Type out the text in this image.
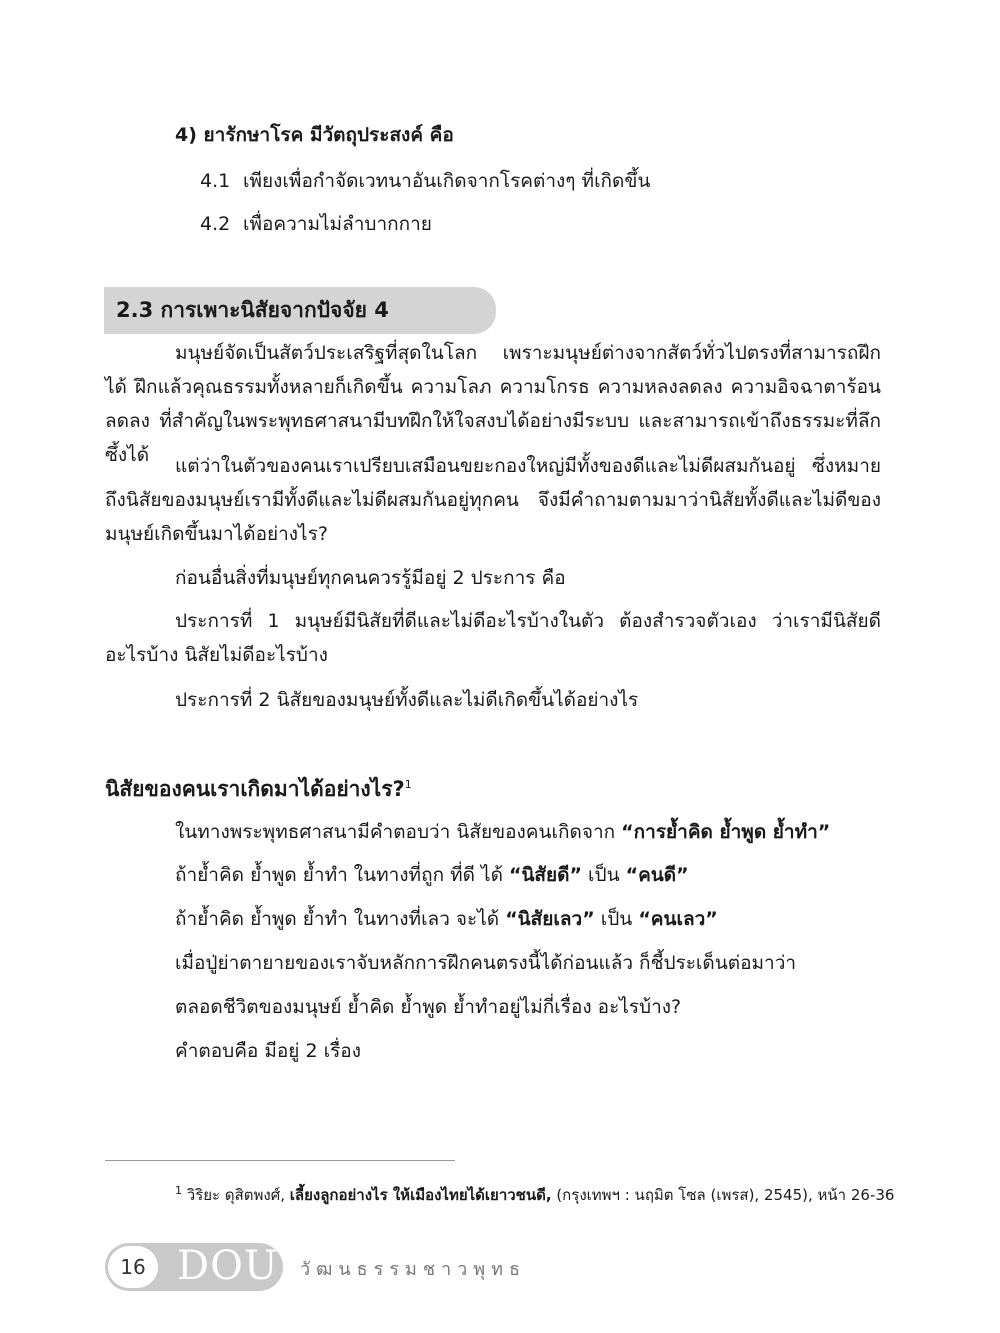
4) ยารักษาโรค มีวัตถุประสงค์ คือ
4.1 เพียงเพื่อกำจัดเวทนาอันเกิดจากโรคต่างๆ ที่เกิดขึ้น
4.2 เพื่อความไม่ลำบากกาย
2.3 การเพาะนิสัยจากปัจจัย 4
มนุษย์จัดเป็นสัตว์ประเสริฐที่สุดในโลก เพราะมนุษย์ต่างจากสัตว์ทั่วไปตรงที่สามารถฝึกได้ ฝึกแล้วคุณธรรมทั้งหลายก็เกิดขึ้น ความโลภ ความโกรธ ความหลงลดลง ความอิจฉาตาร้อนลดลง ที่สำคัญในพระพุทธศาสนามีบทฝึกให้ใจสงบได้อย่างมีระบบ และสามารถเข้าถึงธรรมะที่ลึกซึ้งได้	แต่ว่าในตัวของคนเราเปรียบเสมือนขยะกองใหญ่มีทั้งของดีและไม่ดีผสมกันอยู่ ซึ่งหมายถึงนิสัยของมนุษย์เรามีทั้งดีและไม่ดีผสมกันอยู่ทุกคน จึงมีคำถามตามมาว่านิสัยทั้งดีและไม่ดีของมนุษย์เกิดขึ้นมาได้อย่างไร?
ก่อนอื่นสิ่งที่มนุษย์ทุกคนควรรู้มีอยู่ 2 ประการ คือ
ประการที่ 1 มนุษย์มีนิสัยที่ดีและไม่ดีอะไรบ้างในตัว ต้องสำรวจตัวเอง ว่าเรามีนิสัยดีอะไรบ้าง นิสัยไม่ดีอะไรบ้าง
ประการที่ 2 นิสัยของมนุษย์ทั้งดีและไม่ดีเกิดขึ้นได้อย่างไร
นิสัยของคนเราเกิดมาได้อย่างไร?$^1$
ในทางพระพุทธศาสนามีคำตอบว่า นิสัยของคนเกิดจาก “การย้ำคิด ย้ำพูด ย้ำทำ”
ถ้าย้ำคิด ย้ำพูด ย้ำทำ ในทางที่ถูก ที่ดี ได้ “นิสัยดี” เป็น “คนดี”
ถ้าย้ำคิด ย้ำพูด ย้ำทำ ในทางที่เลว จะได้ “นิสัยเลว” เป็น “คนเลว”
เมื่อปู่ย่าตายายของเราจับหลักการฝึกคนตรงนี้ได้ก่อนแล้ว ก็ชี้ประเด็นต่อมาว่า
ตลอดชีวิตของมนุษย์ ย้ำคิด ย้ำพูด ย้ำทำอยู่ไม่กี่เรื่อง อะไรบ้าง?
คำตอบคือ มีอยู่ 2 เรื่อง
$^1$ วิริยะ ดุสิตพงศ์, เลี้ยงลูกอย่างไร ให้เมืองไทยได้เยาวชนดี, (กรุงเทพฯ : นฤมิต โซล (เพรส), 2545), หน้า 26-36
16 DOU วัฒนธรรมชาวพุทธ
